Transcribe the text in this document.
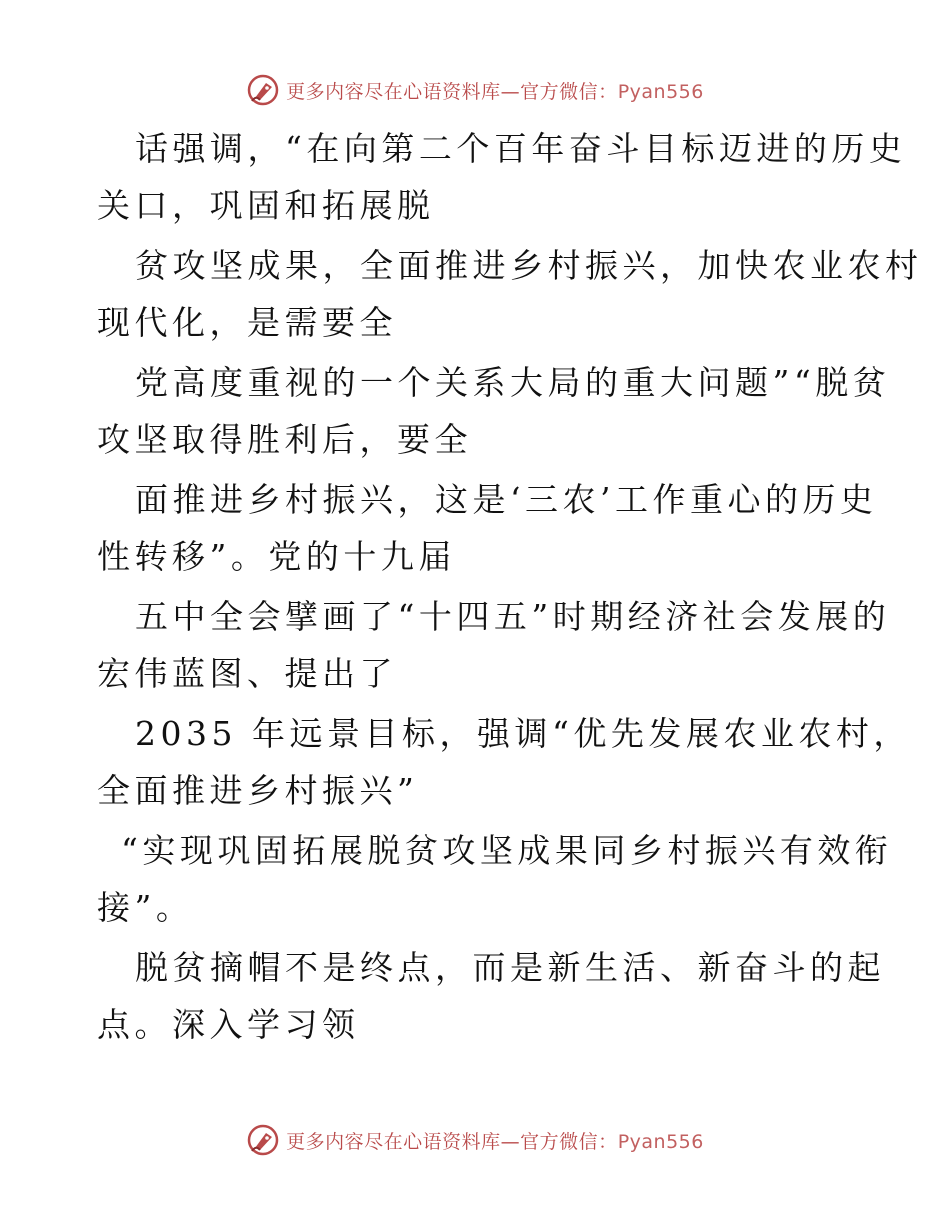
更多内容尽在心语资料库—官方微信：Pyan556

话强调，“在向第二个百年奋斗目标迈进的历史
关口，巩固和拓展脱

贫攻坚成果，全面推进乡村振兴，加快农业农村
现代化，是需要全

党高度重视的一个关系大局的重大问题”“脱贫
攻坚取得胜利后，要全

面推进乡村振兴，这是‘三农’工作重心的历史
性转移”。党的十九届

五中全会擘画了“十四五”时期经济社会发展的
宏伟蓝图、提出了

2035 年远景目标，强调“优先发展农业农村，
全面推进乡村振兴”

“实现巩固拓展脱贫攻坚成果同乡村振兴有效衔
接”。

脱贫摘帽不是终点，而是新生活、新奋斗的起
点。深入学习领

更多内容尽在心语资料库—官方微信：Pyan556
